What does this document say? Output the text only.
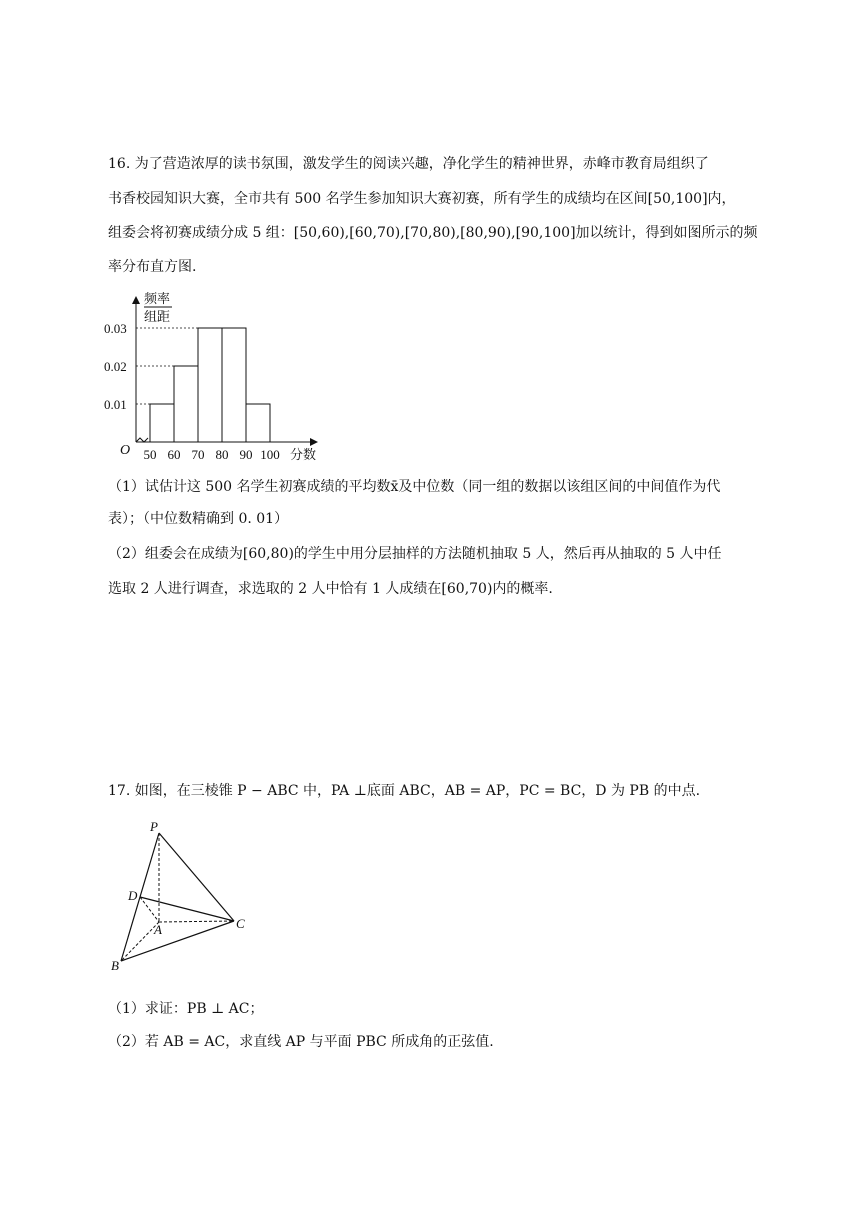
16. 为了营造浓厚的读书氛围，激发学生的阅读兴趣，净化学生的精神世界，赤峰市教育局组织了
书香校园知识大赛，全市共有 500 名学生参加知识大赛初赛，所有学生的成绩均在区间[50,100]内，
组委会将初赛成绩分成 5 组：[50,60),[60,70),[70,80),[80,90),[90,100]加以统计，得到如图所示的频
率分布直方图.
0.01
0.02
0.03
50 60 70 80 90 100
频率
组距
分数
O
（1）试估计这 500 名学生初赛成绩的平均数x̄及中位数（同一组的数据以该组区间的中间值作为代
表）；（中位数精确到 0. 01）
（2）组委会在成绩为[60,80)的学生中用分层抽样的方法随机抽取 5 人，然后再从抽取的 5 人中任
选取 2 人进行调查，求选取的 2 人中恰有 1 人成绩在[60,70)内的概率.
17. 如图，在三棱锥 P − ABC 中，PA ⊥底面 ABC，AB = AP，PC = BC，D 为 PB 的中点.
P
D
A	C
B
（1）求证：PB ⊥ AC；
（2）若 AB = AC，求直线 AP 与平面 PBC 所成角的正弦值.
